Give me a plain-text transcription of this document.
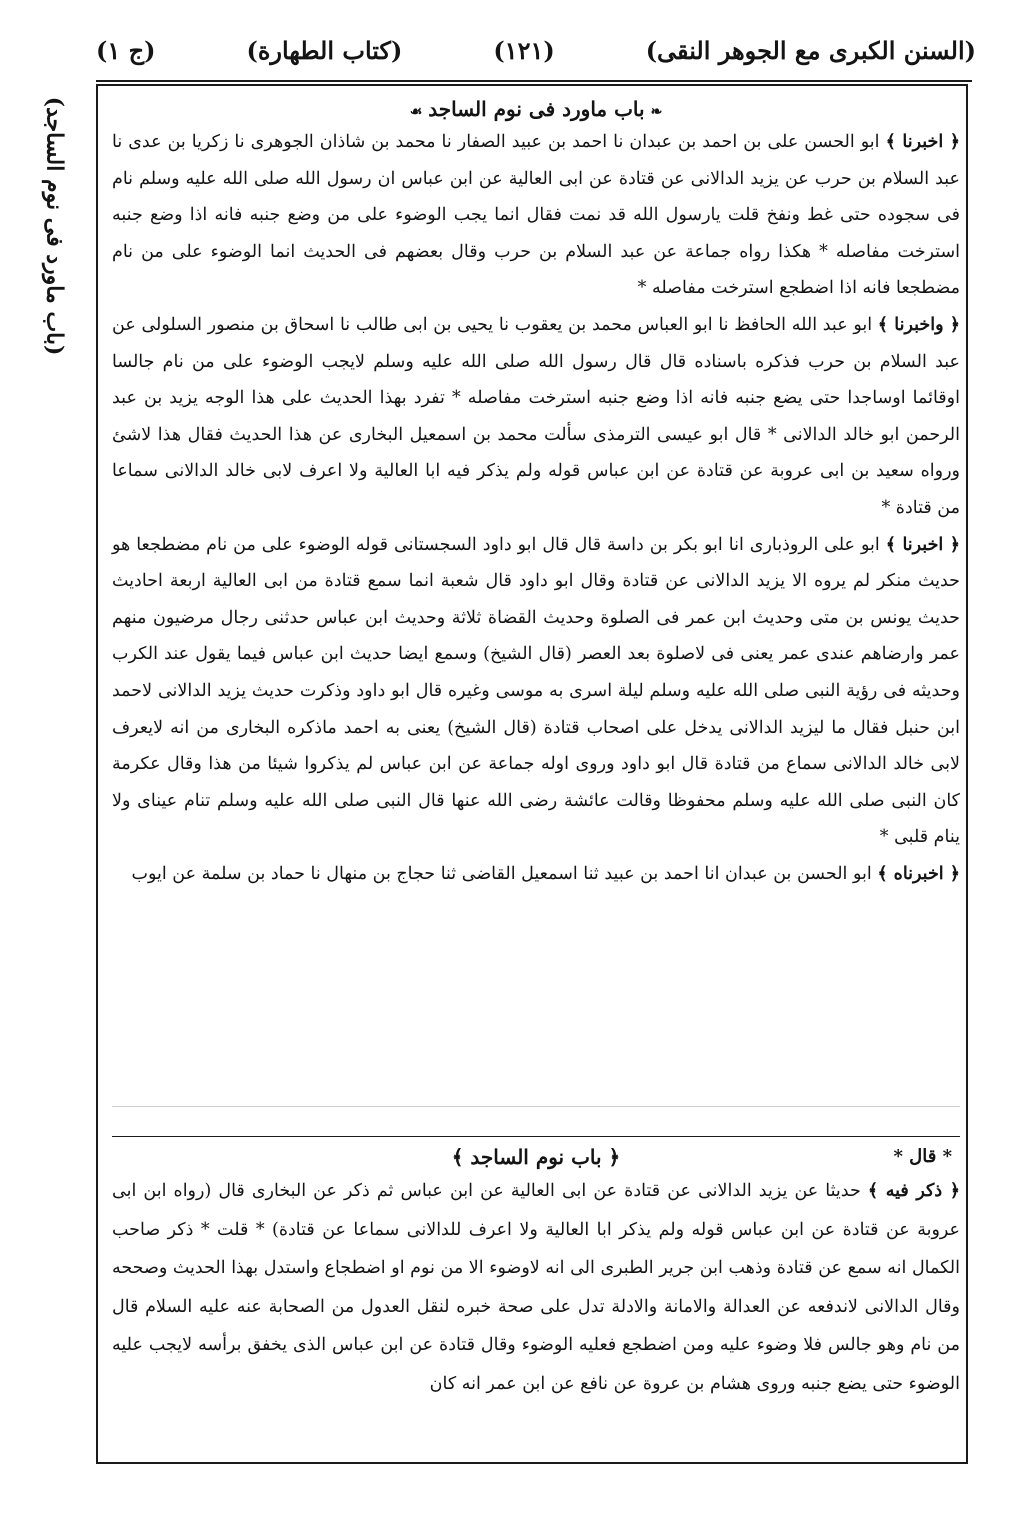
(السنن الكبرى مع الجوهر النقى)
(١٢١)
(كتاب الطهارة)
(ج ١)
(باب ماورد فى نوم الساجد)	❧باب ماورد فى نوم الساجد☙

﴿ اخبرنا ﴾ ابو الحسن على بن احمد بن عبدان نا احمد بن عبيد الصفار نا محمد بن شاذان الجوهرى نا زكريا بن عدى نا عبد السلام بن حرب عن يزيد الدالانى عن قتادة عن ابى العالية عن ابن عباس ان رسول الله صلى الله عليه وسلم نام فى سجوده حتى غط ونفخ قلت يارسول الله قد نمت فقال انما يجب الوضوء على من وضع جنبه فانه اذا وضع جنبه استرخت مفاصله * هكذا رواه جماعة عن عبد السلام بن حرب وقال بعضهم فى الحديث انما الوضوء على من نام مضطجعا فانه اذا اضطجع استرخت مفاصله *

﴿ واخبرنا ﴾ ابو عبد الله الحافظ نا ابو العباس محمد بن يعقوب نا يحيى بن ابى طالب نا اسحاق بن منصور السلولى عن عبد السلام بن حرب فذكره باسناده قال قال رسول الله صلى الله عليه وسلم لايجب الوضوء على من نام جالسا اوقائما اوساجدا حتى يضع جنبه فانه اذا وضع جنبه استرخت مفاصله * تفرد بهذا الحديث على هذا الوجه يزيد بن عبد الرحمن ابو خالد الدالانى * قال ابو عيسى الترمذى سألت محمد بن اسمعيل البخارى عن هذا الحديث فقال هذا لاشئ ورواه سعيد بن ابى عروبة عن قتادة عن ابن عباس قوله ولم يذكر فيه ابا العالية ولا اعرف لابى خالد الدالانى سماعا من قتادة *

﴿ اخبرنا ﴾ ابو على الروذبارى انا ابو بكر بن داسة قال قال ابو داود السجستانى قوله الوضوء على من نام مضطجعا هو حديث منكر لم يروه الا يزيد الدالانى عن قتادة وقال ابو داود قال شعبة انما سمع قتادة من ابى العالية اربعة احاديث حديث يونس بن متى وحديث ابن عمر فى الصلوة وحديث القضاة ثلاثة وحديث ابن عباس حدثنى رجال مرضيون منهم عمر وارضاهم عندى عمر يعنى فى لاصلوة بعد العصر (قال الشيخ) وسمع ايضا حديث ابن عباس فيما يقول عند الكرب وحديثه فى رؤية النبى صلى الله عليه وسلم ليلة اسرى به موسى وغيره قال ابو داود وذكرت حديث يزيد الدالانى لاحمد ابن حنبل فقال ما ليزيد الدالانى يدخل على اصحاب قتادة (قال الشيخ) يعنى به احمد ماذكره البخارى من انه لايعرف لابى خالد الدالانى سماع من قتادة قال ابو داود وروى اوله جماعة عن ابن عباس لم يذكروا شيئا من هذا وقال عكرمة كان النبى صلى الله عليه وسلم محفوظا وقالت عائشة رضى الله عنها قال النبى صلى الله عليه وسلم تنام عيناى ولا ينام قلبى *

﴿ اخبرناه ﴾ ابو الحسن بن عبدان انا احمد بن عبيد ثنا اسمعيل القاضى ثنا حجاج بن منهال نا حماد بن سلمة عن ايوب

* قال *
﴿ باب نوم الساجد ﴾

﴿ ذكر فيه ﴾ حديثا عن يزيد الدالانى عن قتادة عن ابى العالية عن ابن عباس ثم ذكر عن البخارى قال (رواه ابن ابى عروبة عن قتادة عن ابن عباس قوله ولم يذكر ابا العالية ولا اعرف للدالانى سماعا عن قتادة) * قلت * ذكر صاحب الكمال انه سمع عن قتادة وذهب ابن جرير الطبرى الى انه لاوضوء الا من نوم او اضطجاع واستدل بهذا الحديث وصححه وقال الدالانى لاندفعه عن العدالة والامانة والادلة تدل على صحة خبره لنقل العدول من الصحابة عنه عليه السلام قال من نام وهو جالس فلا وضوء عليه ومن اضطجع فعليه الوضوء وقال قتادة عن ابن عباس الذى يخفق برأسه لايجب عليه الوضوء حتى يضع جنبه وروى هشام بن عروة عن نافع عن ابن عمر انه كان
